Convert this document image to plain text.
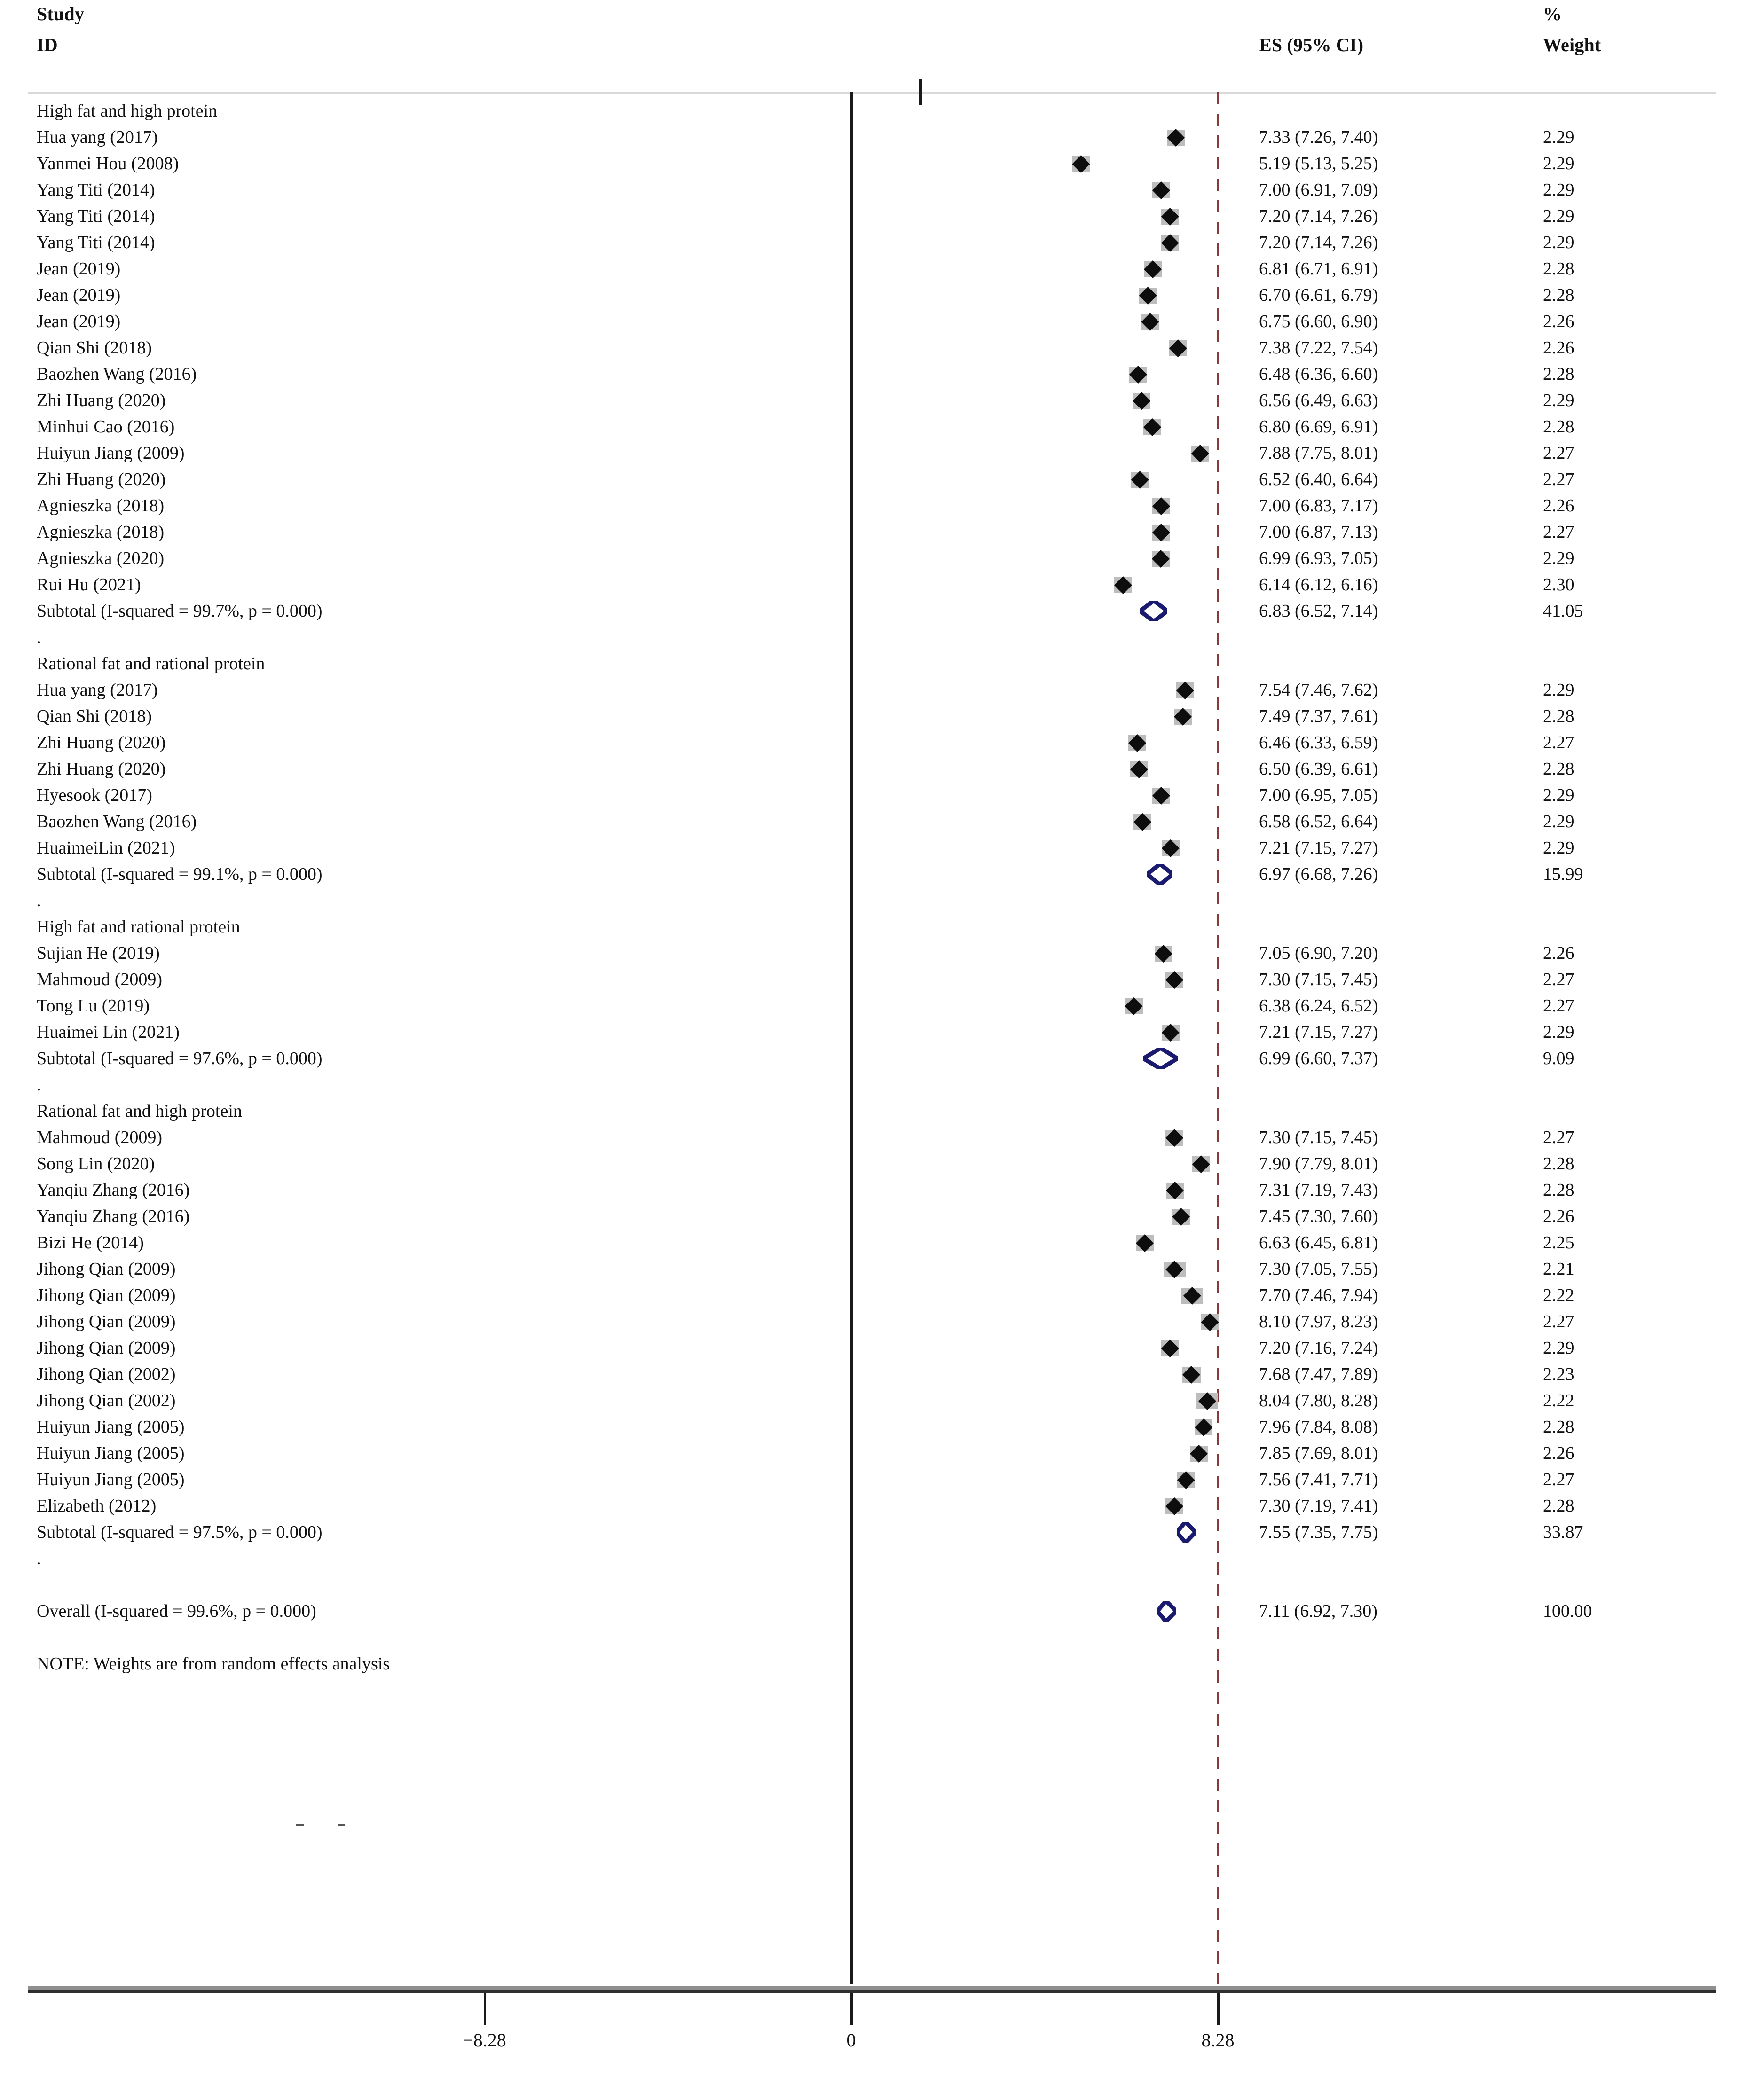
Study
ID	ES (95% CI)
%
Weight
High fat and high protein
Hua yang (2017)	7.33 (7.26, 7.40)	2.29
Yanmei Hou (2008)	5.19 (5.13, 5.25)	2.29
Yang Titi (2014)	7.00 (6.91, 7.09)	2.29
Yang Titi (2014)	7.20 (7.14, 7.26)	2.29
Yang Titi (2014)	7.20 (7.14, 7.26)	2.29
Jean (2019)	6.81 (6.71, 6.91)	2.28
Jean (2019)	6.70 (6.61, 6.79)	2.28
Jean (2019)	6.75 (6.60, 6.90)	2.26
Qian Shi (2018)	7.38 (7.22, 7.54)	2.26
Baozhen Wang (2016)	6.48 (6.36, 6.60)	2.28
Zhi Huang (2020)	6.56 (6.49, 6.63)	2.29
Minhui Cao (2016)	6.80 (6.69, 6.91)	2.28
Huiyun Jiang (2009)	7.88 (7.75, 8.01)	2.27
Zhi Huang (2020)	6.52 (6.40, 6.64)	2.27
Agnieszka (2018)	7.00 (6.83, 7.17)	2.26
Agnieszka (2018)	7.00 (6.87, 7.13)	2.27
Agnieszka (2020)	6.99 (6.93, 7.05)	2.29
Rui Hu (2021)	6.14 (6.12, 6.16)	2.30
Subtotal (I-squared = 99.7%, p = 0.000)	6.83 (6.52, 7.14)	41.05
.
Rational fat and rational protein
Hua yang (2017)	7.54 (7.46, 7.62)	2.29
Qian Shi (2018)	7.49 (7.37, 7.61)	2.28
Zhi Huang (2020)	6.46 (6.33, 6.59)	2.27
Zhi Huang (2020)	6.50 (6.39, 6.61)	2.28
Hyesook (2017)	7.00 (6.95, 7.05)	2.29
Baozhen Wang (2016)	6.58 (6.52, 6.64)	2.29
HuaimeiLin (2021)	7.21 (7.15, 7.27)	2.29
Subtotal (I-squared = 99.1%, p = 0.000)	6.97 (6.68, 7.26)	15.99
.
High fat and rational protein
Sujian He (2019)	7.05 (6.90, 7.20)	2.26
Mahmoud (2009)	7.30 (7.15, 7.45)	2.27
Tong Lu (2019)	6.38 (6.24, 6.52)	2.27
Huaimei Lin (2021)	7.21 (7.15, 7.27)	2.29
Subtotal (I-squared = 97.6%, p = 0.000)	6.99 (6.60, 7.37)	9.09
.
Rational fat and high protein
Mahmoud (2009)	7.30 (7.15, 7.45)	2.27
Song Lin (2020)	7.90 (7.79, 8.01)	2.28
Yanqiu Zhang (2016)	7.31 (7.19, 7.43)	2.28
Yanqiu Zhang (2016)	7.45 (7.30, 7.60)	2.26
Bizi He (2014)	6.63 (6.45, 6.81)	2.25
Jihong Qian (2009)	7.30 (7.05, 7.55)	2.21
Jihong Qian (2009)	7.70 (7.46, 7.94)	2.22
Jihong Qian (2009)	8.10 (7.97, 8.23)	2.27
Jihong Qian (2009)	7.20 (7.16, 7.24)	2.29
Jihong Qian (2002)	7.68 (7.47, 7.89)	2.23
Jihong Qian (2002)	8.04 (7.80, 8.28)	2.22
Huiyun Jiang (2005)	7.96 (7.84, 8.08)	2.28
Huiyun Jiang (2005)	7.85 (7.69, 8.01)	2.26
Huiyun Jiang (2005)	7.56 (7.41, 7.71)	2.27
Elizabeth (2012)	7.30 (7.19, 7.41)	2.28
Subtotal (I-squared = 97.5%, p = 0.000)	7.55 (7.35, 7.75)	33.87
.
Overall (I-squared = 99.6%, p = 0.000)	7.11 (6.92, 7.30)	100.00
NOTE: Weights are from random effects analysis
−8.28	0	8.28
